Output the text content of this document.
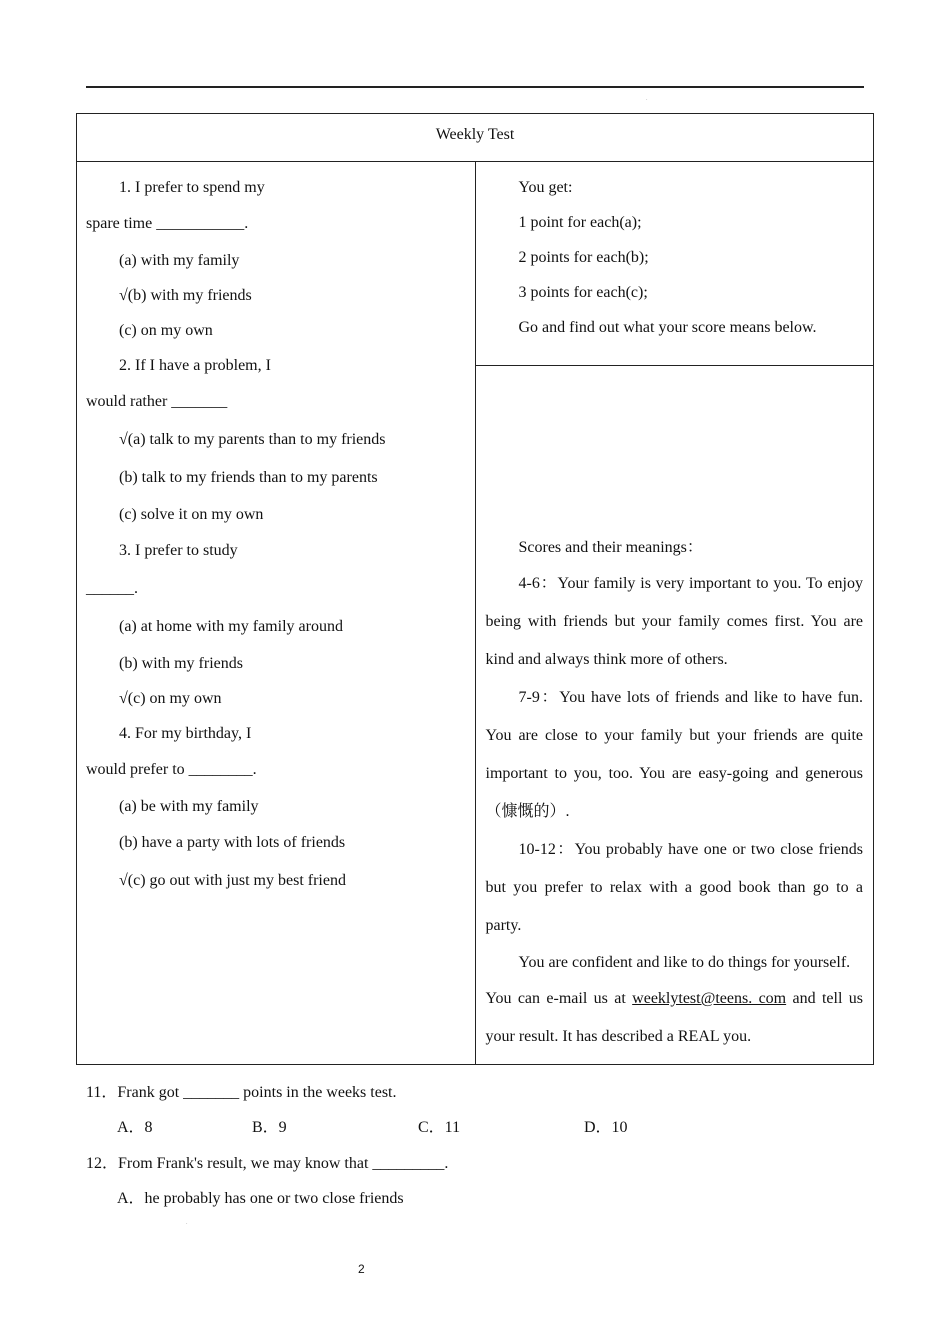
.
Weekly Test

1. I prefer to spend my

spare time ___________.

(a) with my family

√(b) with my friends

(c) on my own

2. If I have a problem, I

would rather _______

√(a) talk to my parents than to my friends

(b) talk to my friends than to my parents

(c) solve it on my own

3. I prefer to study

______.

(a) at home with my family around

(b) with my friends

√(c) on my own

4. For my birthday, I

would prefer to ________.

(a) be with my family

(b) have a party with lots of friends

√(c) go out with just my best friend

You get:

1 point for each(a);

2 points for each(b);

3 points for each(c);

Go and find out what your score means below.

Scores and their meanings：

4-6：Your family is very important to you. To enjoy being with friends but your family comes first. You are kind and always think more of others.

7-9：You have lots of friends and like to have fun. You are close to your family but your friends are quite important to you, too. You are easy-going and generous（慷慨的）.

10-12：You probably have one or two close friends but you prefer to relax with a good book than go to a party.

You are confident and like to do things for yourself.

You can e-mail us at weeklytest@teens. com and tell us your result. It has described a REAL you.

11．Frank got _______ points in the weeks test.
A．8	B．9	C．11	D．10
12．From Frank's result, we may know that _________.
A．he probably has one or two close friends
.
2
